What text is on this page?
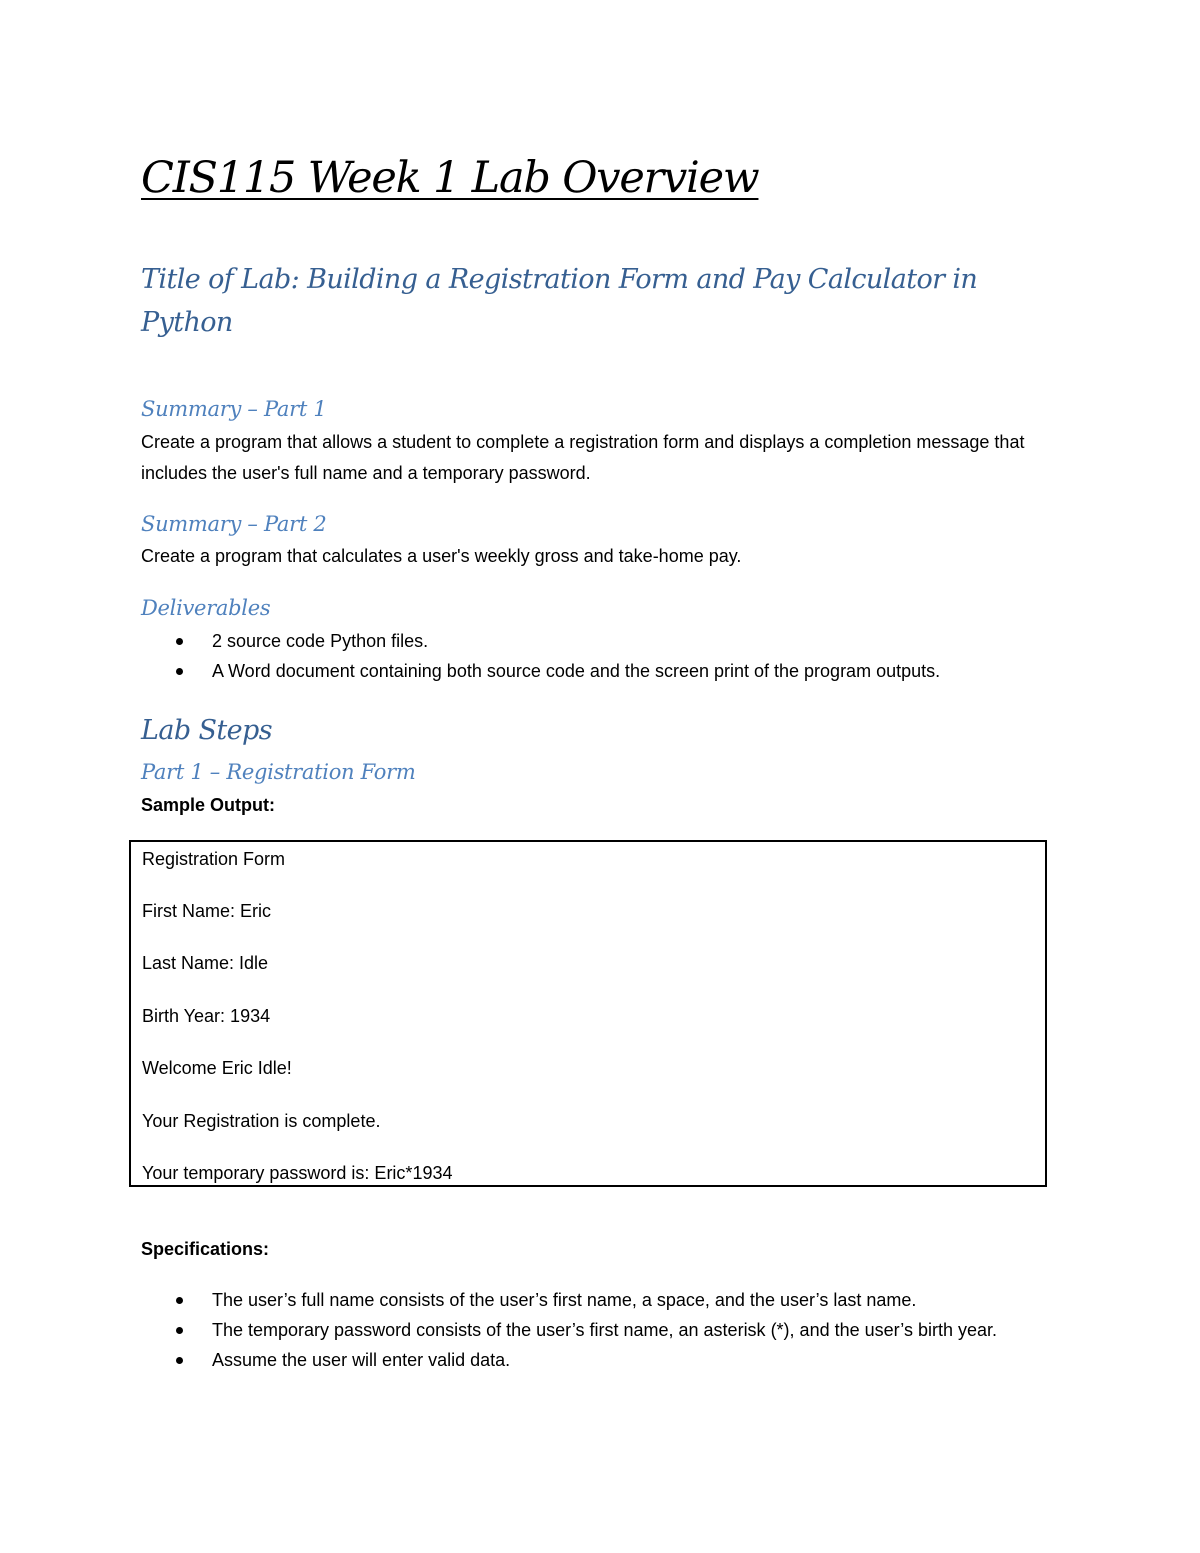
CIS115 Week 1 Lab Overview
Title of Lab: Building a Registration Form and Pay Calculator in Python
Summary – Part 1
Create a program that allows a student to complete a registration form and displays a completion message that includes the user's full name and a temporary password.
Summary – Part 2
Create a program that calculates a user's weekly gross and take-home pay.
Deliverables
2 source code Python files.
A Word document containing both source code and the screen print of the program outputs.
Lab Steps
Part 1 – Registration Form
Sample Output:
Registration Form
First Name: Eric
Last Name: Idle
Birth Year: 1934
Welcome Eric Idle!
Your Registration is complete.
Your temporary password is: Eric*1934
Specifications:
The user’s full name consists of the user’s first name, a space, and the user’s last name.
The temporary password consists of the user’s first name, an asterisk (*), and the user’s birth year.
Assume the user will enter valid data.
